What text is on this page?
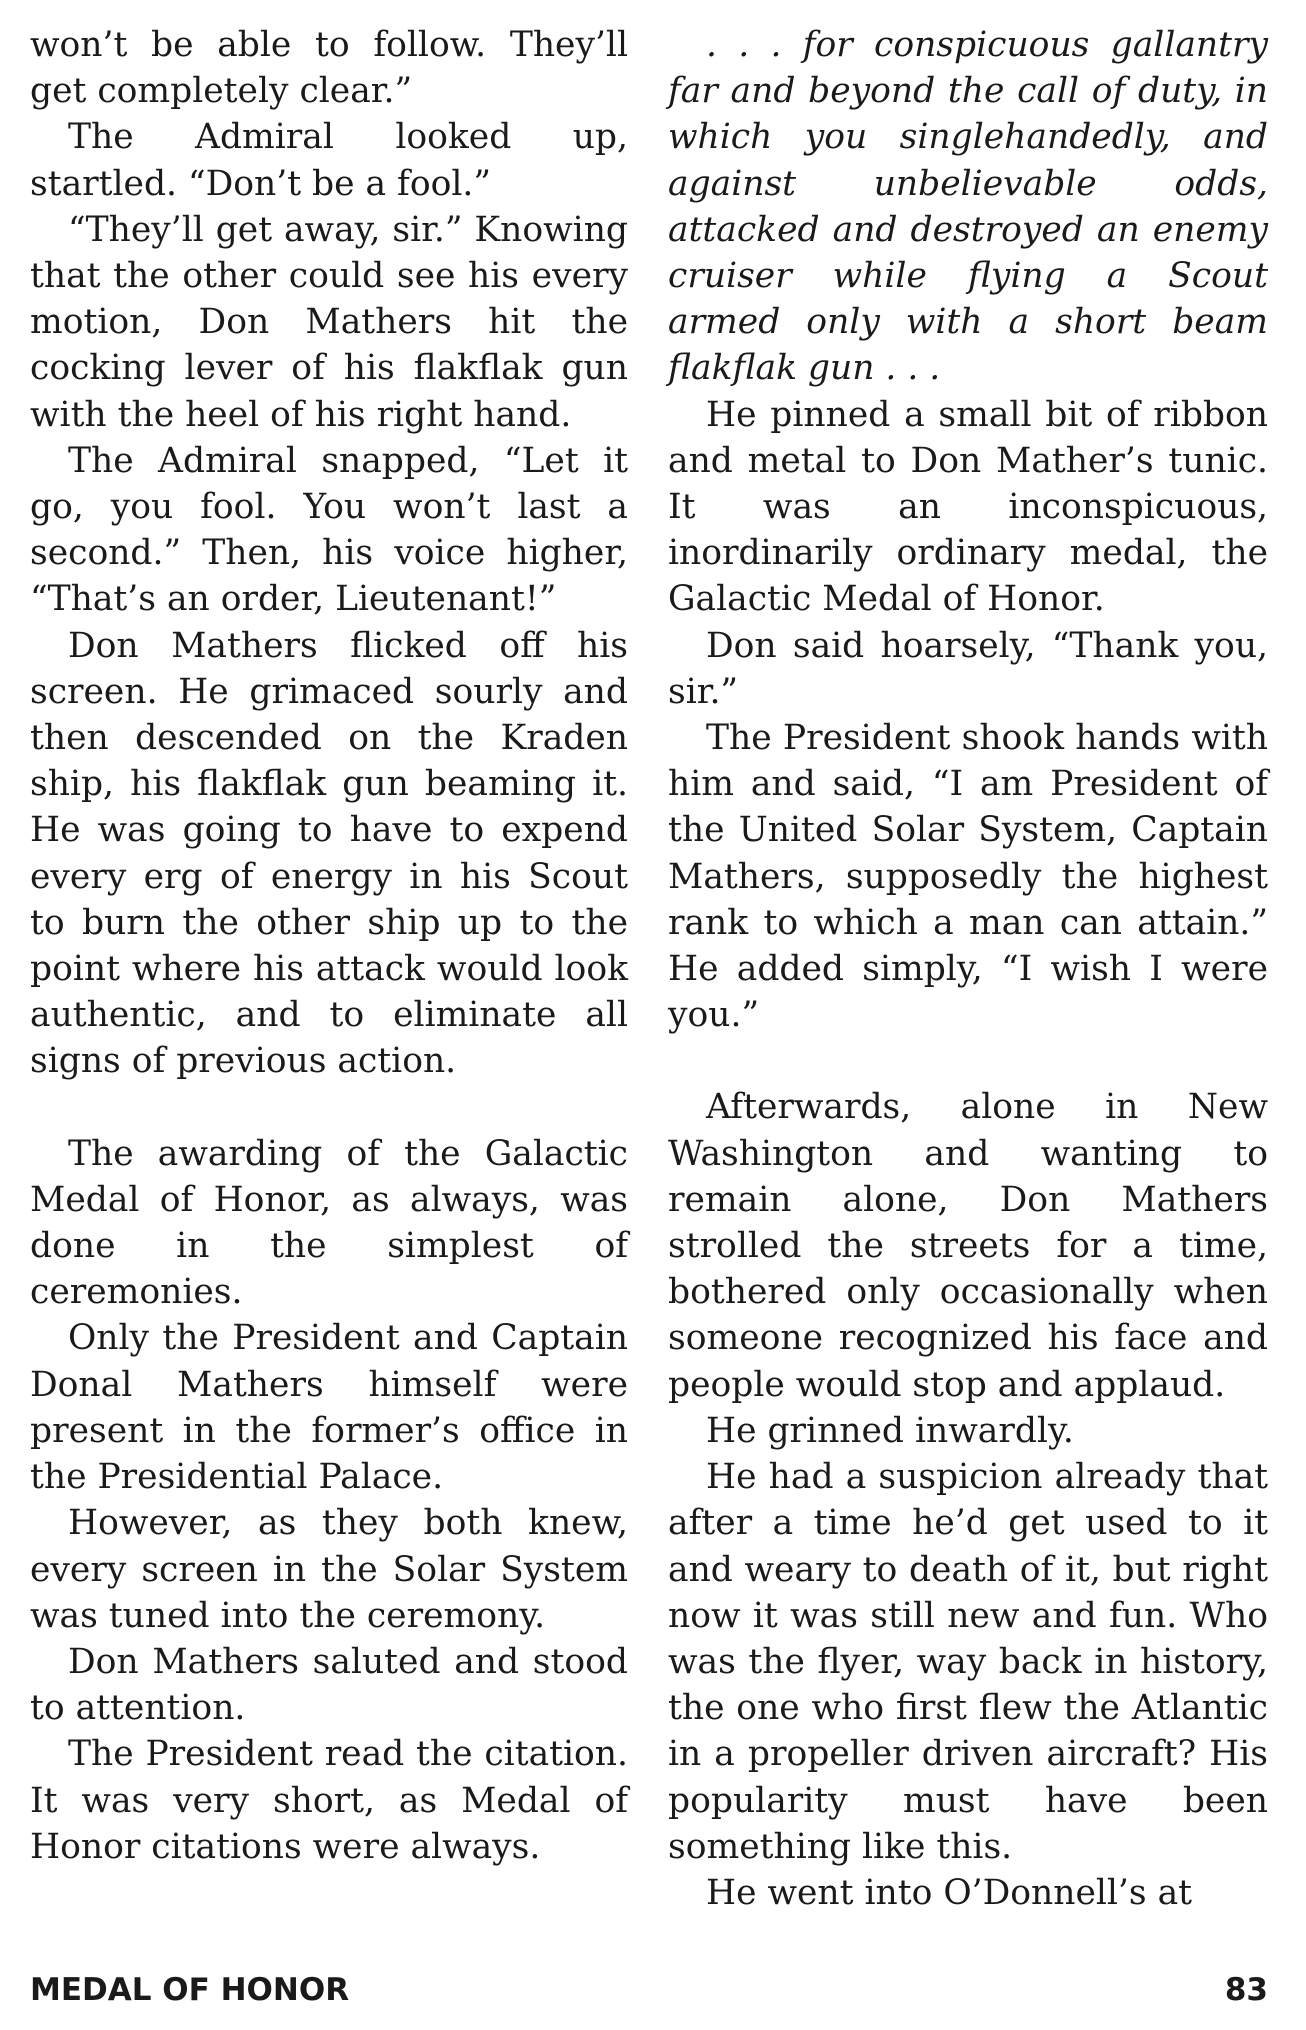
won’t be able to follow. They’ll get completely clear.”

The Admiral looked up, startled. “Don’t be a fool.”

“They’ll get away, sir.” Knowing that the other could see his every motion, Don Mathers hit the cocking lever of his flakflak gun with the heel of his right hand.

The Admiral snapped, “Let it go, you fool. You won’t last a second.” Then, his voice higher, “That’s an order, Lieutenant!”

Don Mathers flicked off his screen. He grimaced sourly and then descended on the Kraden ship, his flakflak gun beaming it. He was going to have to expend every erg of energy in his Scout to burn the other ship up to the point where his attack would look authentic, and to eliminate all signs of previous action.

The awarding of the Galactic Medal of Honor, as always, was done in the simplest of ceremonies.

Only the President and Captain Donal Mathers himself were present in the former’s office in the Presidential Palace.

However, as they both knew, every screen in the Solar System was tuned into the ceremony.

Don Mathers saluted and stood to attention.

The President read the citation. It was very short, as Medal of Honor citations were always.

. . . for conspicuous gallantry far and beyond the call of duty, in which you singlehandedly, and against unbelievable odds, attacked and destroyed an enemy cruiser while flying a Scout armed only with a short beam flakflak gun . . .

He pinned a small bit of ribbon and metal to Don Mather’s tunic. It was an inconspicuous, inordinarily ordinary medal, the Galactic Medal of Honor.

Don said hoarsely, “Thank you, sir.”

The President shook hands with him and said, “I am President of the United Solar System, Captain Mathers, supposedly the highest rank to which a man can attain.” He added simply, “I wish I were you.”

Afterwards, alone in New Washington and wanting to remain alone, Don Mathers strolled the streets for a time, bothered only occasionally when someone recognized his face and people would stop and applaud.

He grinned inwardly.

He had a suspicion already that after a time he’d get used to it and weary to death of it, but right now it was still new and fun. Who was the flyer, way back in history, the one who first flew the Atlantic in a propeller driven aircraft? His popularity must have been something like this.

He went into O’Donnell’s at

MEDAL OF HONOR	83
